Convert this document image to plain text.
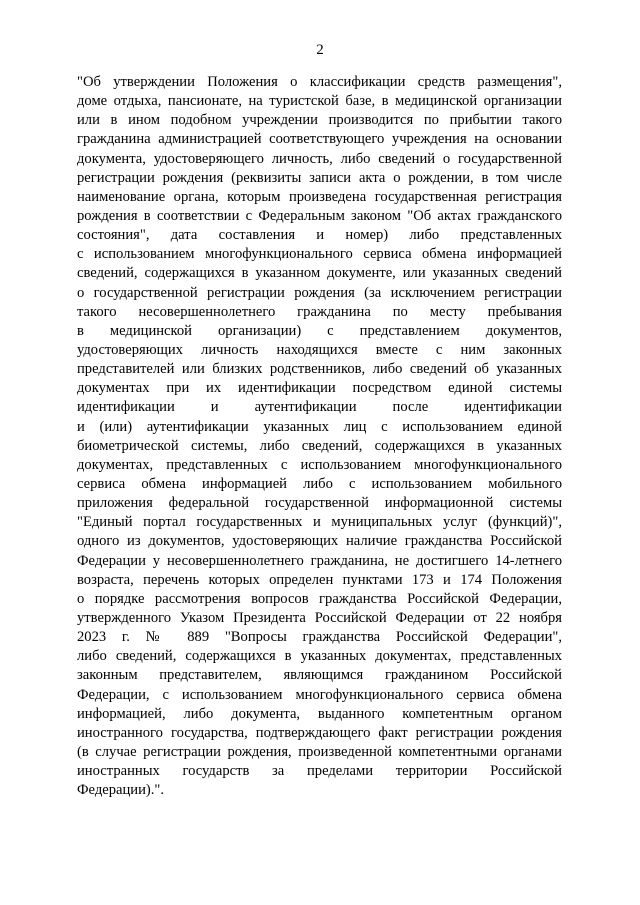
2
"Об утверждении Положения о классификации средств размещения",
доме отдыха, пансионате, на туристской базе, в медицинской организации
или в ином подобном учреждении производится по прибытии такого
гражданина администрацией соответствующего учреждения на основании
документа, удостоверяющего личность, либо сведений о государственной
регистрации рождения (реквизиты записи акта о рождении, в том числе
наименование органа, которым произведена государственная регистрация
рождения в соответствии с Федеральным законом "Об актах гражданского
состояния", дата составления и номер) либо представленных
с использованием многофункционального сервиса обмена информацией
сведений, содержащихся в указанном документе, или указанных сведений
о государственной регистрации рождения (за исключением регистрации
такого несовершеннолетнего гражданина по месту пребывания
в медицинской организации) с представлением документов,
удостоверяющих личность находящихся вместе с ним законных
представителей или близких родственников, либо сведений об указанных
документах при их идентификации посредством единой системы
идентификации и аутентификации после идентификации
и (или) аутентификации указанных лиц с использованием единой
биометрической системы, либо сведений, содержащихся в указанных
документах, представленных с использованием многофункционального
сервиса обмена информацией либо с использованием мобильного
приложения федеральной государственной информационной системы
"Единый портал государственных и муниципальных услуг (функций)",
одного из документов, удостоверяющих наличие гражданства Российской
Федерации у несовершеннолетнего гражданина, не достигшего 14-летнего
возраста, перечень которых определен пунктами 173 и 174 Положения
о порядке рассмотрения вопросов гражданства Российской Федерации,
утвержденного Указом Президента Российской Федерации от 22 ноября
2023 г. № 889 "Вопросы гражданства Российской Федерации",
либо сведений, содержащихся в указанных документах, представленных
законным представителем, являющимся гражданином Российской
Федерации, с использованием многофункционального сервиса обмена
информацией, либо документа, выданного компетентным органом
иностранного государства, подтверждающего факт регистрации рождения
(в случае регистрации рождения, произведенной компетентными органами
иностранных государств за пределами территории Российской
Федерации).".
